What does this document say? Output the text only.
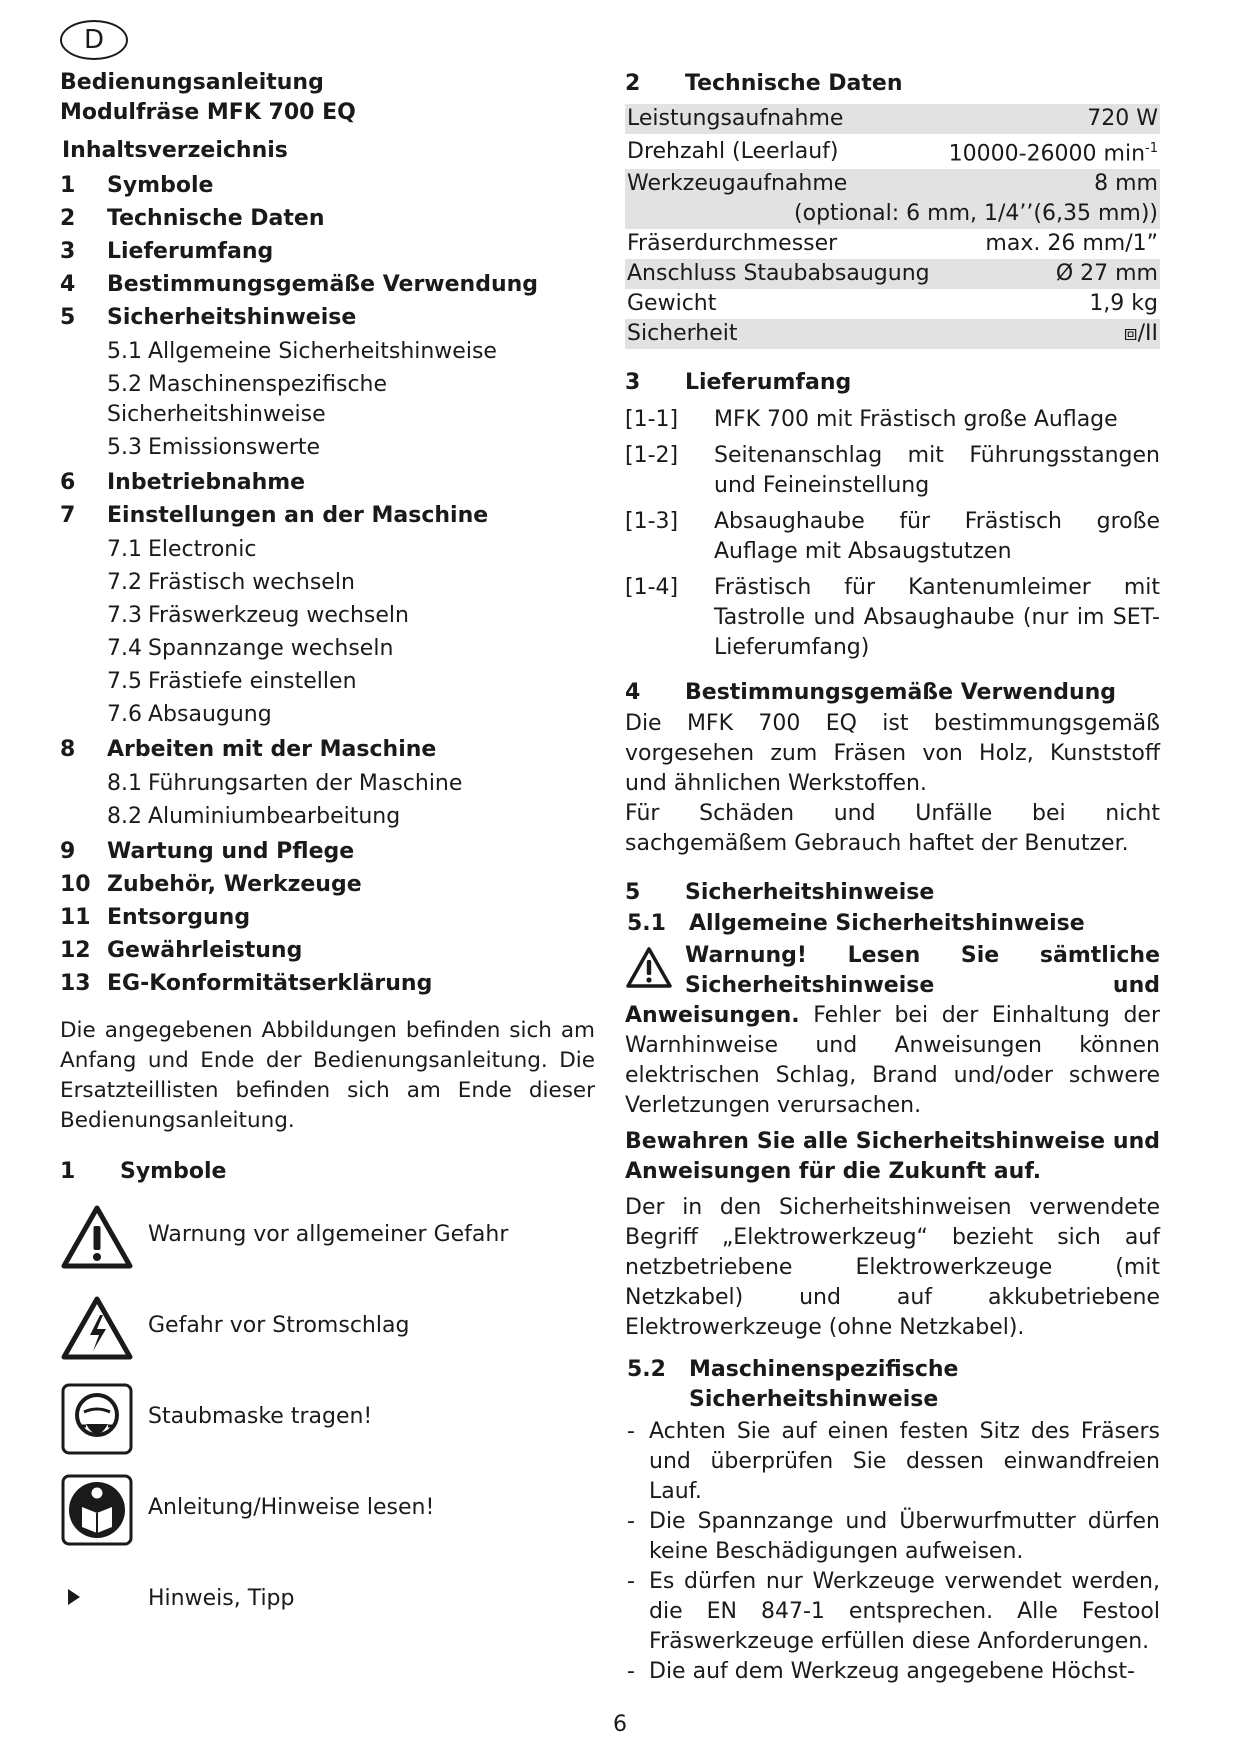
D
Bedienungsanleitung
Modulfräse MFK 700 EQ
Inhaltsverzeichnis
1 Symbole
2 Technische Daten
3 Lieferumfang
4 Bestimmungsgemäße Verwendung
5 Sicherheitshinweise
5.1 Allgemeine Sicherheitshinweise
5.2 Maschinenspezifische Sicherheitshinweise
5.3 Emissionswerte
6 Inbetriebnahme
7 Einstellungen an der Maschine
7.1 Electronic
7.2 Frästisch wechseln
7.3 Fräswerkzeug wechseln
7.4 Spannzange wechseln
7.5 Frästiefe einstellen
7.6 Absaugung
8 Arbeiten mit der Maschine
8.1 Führungsarten der Maschine
8.2 Aluminiumbearbeitung
9 Wartung und Pflege
10 Zubehör, Werkzeuge
11 Entsorgung
12 Gewährleistung
13 EG-Konformitätserklärung
Die angegebenen Abbildungen befinden sich am Anfang und Ende der Bedienungsanleitung. Die Ersatzteillisten befinden sich am Ende dieser Bedienungsanleitung.
1 Symbole
Warnung vor allgemeiner Gefahr
Gefahr vor Stromschlag
Staubmaske tragen!
Anleitung/Hinweise lesen!
Hinweis, Tipp
2 Technische Daten
Leistungsaufnahme	720 W
Drehzahl (Leerlauf)	10000-26000 $\min^{-1}$
Werkzeugaufnahme	8 mm
(optional: 6 mm, 1/4’’(6,35 mm))	
Fräserdurchmesser	max. 26 mm/1”
Anschluss Staubabsaugung	Ø 27 mm
Gewicht	1,9 kg
Sicherheit	⧈/II
3 Lieferumfang
[1-1] MFK 700 mit Frästisch große Auflage
[1-2] Seitenanschlag mit Führungsstangen und Feineinstellung
[1-3] Absaughaube für Frästisch große Auflage mit Absaugstutzen
[1-4] Frästisch für Kantenumleimer mit Tastrolle und Absaughaube (nur im SET-Lieferumfang)
4 Bestimmungsgemäße Verwendung
Die MFK 700 EQ ist bestimmungsgemäß vorgesehen zum Fräsen von Holz, Kunststoff und ähnlichen Werkstoffen.
Für Schäden und Unfälle bei nicht sachgemäßem Gebrauch haftet der Benutzer.
5 Sicherheitshinweise
5.1 Allgemeine Sicherheitshinweise
Warnung! Lesen Sie sämtliche Sicherheitshinweise und Anweisungen. Fehler bei der Einhaltung der Warnhinweise und Anweisungen können elektrischen Schlag, Brand und/oder schwere Verletzungen verursachen.
Bewahren Sie alle Sicherheitshinweise und Anweisungen für die Zukunft auf.
Der in den Sicherheitshinweisen verwendete Begriff „Elektrowerkzeug“ bezieht sich auf netzbetriebene Elektrowerkzeuge (mit Netzkabel) und auf akkubetriebene Elektrowerkzeuge (ohne Netzkabel).
5.2 Maschinenspezifische Sicherheitshinweise
- Achten Sie auf einen festen Sitz des Fräsers und überprüfen Sie dessen einwandfreien Lauf.
- Die Spannzange und Überwurfmutter dürfen keine Beschädigungen aufweisen.
- Es dürfen nur Werkzeuge verwendet werden, die EN 847-1 entsprechen. Alle Festool Fräswerkzeuge erfüllen diese Anforderungen.
- Die auf dem Werkzeug angegebene Höchst-
6
